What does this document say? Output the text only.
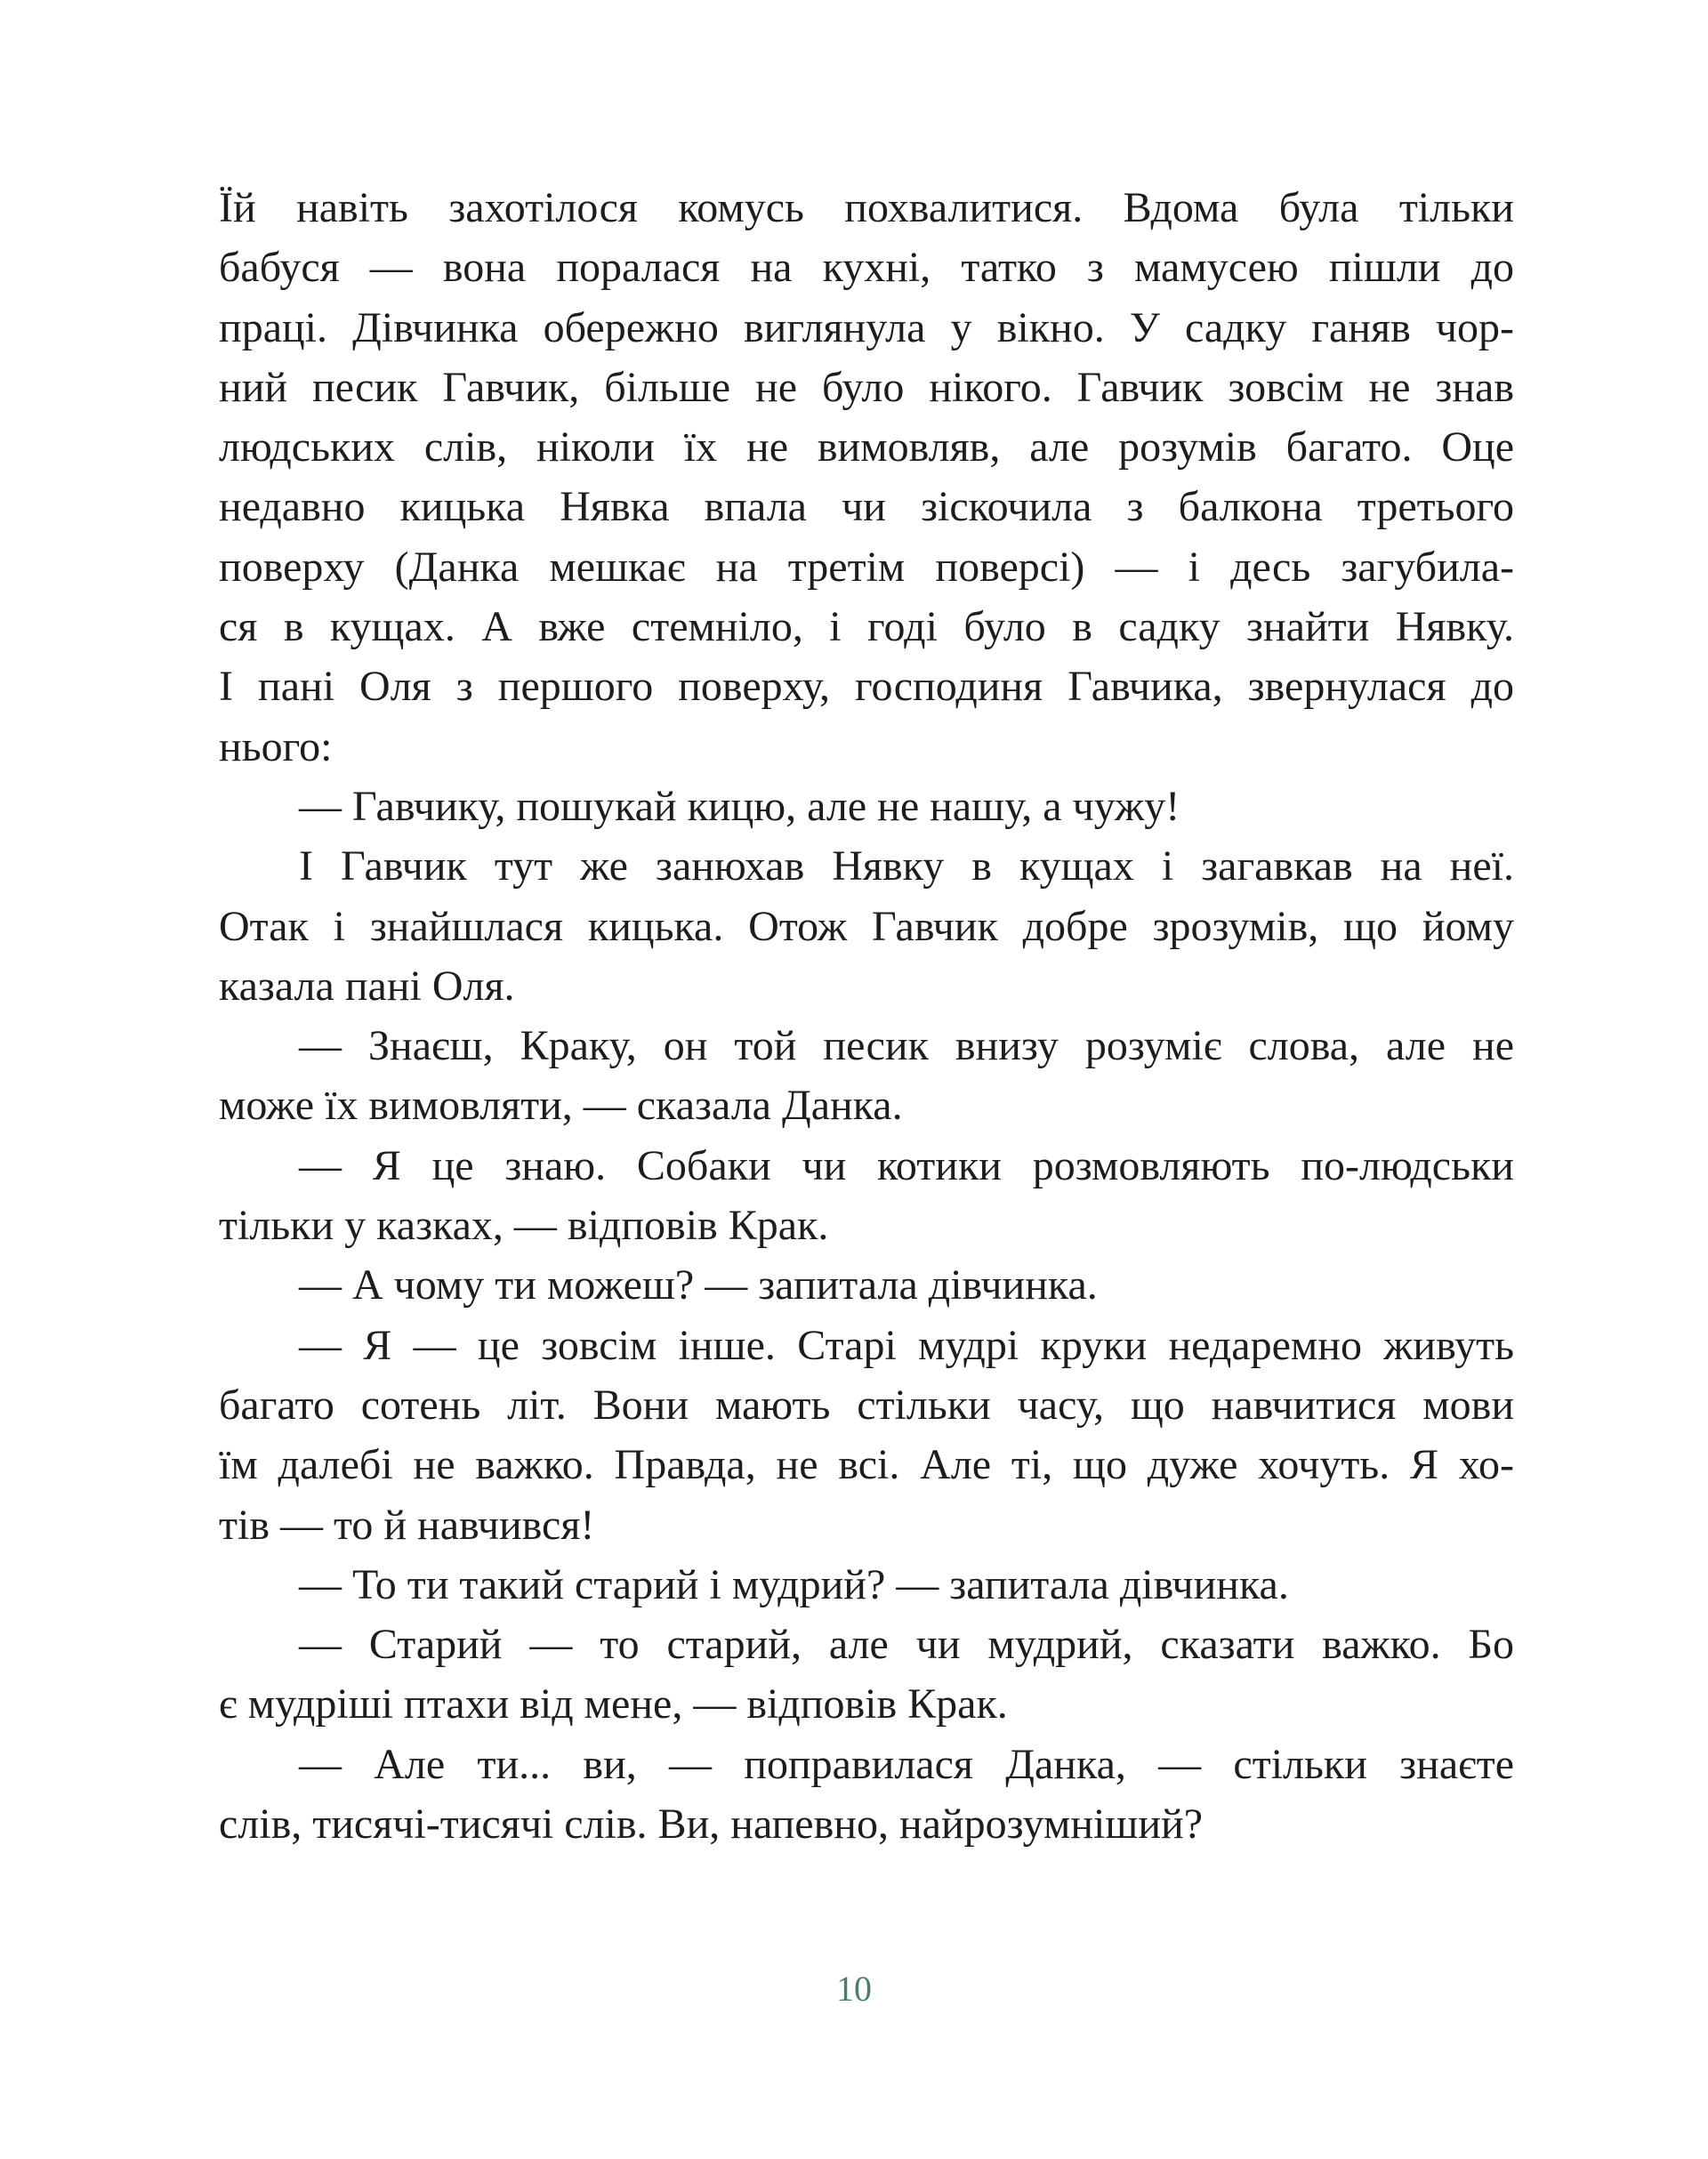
Їй навіть захотілося комусь похвалитися. Вдома була тільки
бабуся — вона поралася на кухні, татко з мамусею пішли до
праці. Дівчинка обережно виглянула у вікно. У садку ганяв чор-
ний песик Гавчик, більше не було нікого. Гавчик зовсім не знав
людських слів, ніколи їх не вимовляв, але розумів багато. Оце
недавно кицька Нявка впала чи зіскочила з балкона третього
поверху (Данка мешкає на третім поверсі) — і десь загубила-
ся в кущах. А вже стемніло, і годі було в садку знайти Нявку.
І пані Оля з першого поверху, господиня Гавчика, звернулася до
нього:
— Гавчику, пошукай кицю, але не нашу, а чужу!
І Гавчик тут же занюхав Нявку в кущах і загавкав на неї.
Отак і знайшлася кицька. Отож Гавчик добре зрозумів, що йому
казала пані Оля.
— Знаєш, Краку, он той песик внизу розуміє слова, але не
може їх вимовляти, — сказала Данка.
— Я це знаю. Собаки чи котики розмовляють по-людськи
тільки у казках, — відповів Крак.
— А чому ти можеш? — запитала дівчинка.
— Я — це зовсім інше. Старі мудрі круки недаремно живуть
багато сотень літ. Вони мають стільки часу, що навчитися мови
їм далебі не важко. Правда, не всі. Але ті, що дуже хочуть. Я хо-
тів — то й навчився!
— То ти такий старий і мудрий? — запитала дівчинка.
— Старий — то старий, але чи мудрий, сказати важко. Бо
є мудріші птахи від мене, — відповів Крак.
— Але ти... ви, — поправилася Данка, — стільки знаєте
слів, тисячі-тисячі слів. Ви, напевно, найрозумніший?
10
